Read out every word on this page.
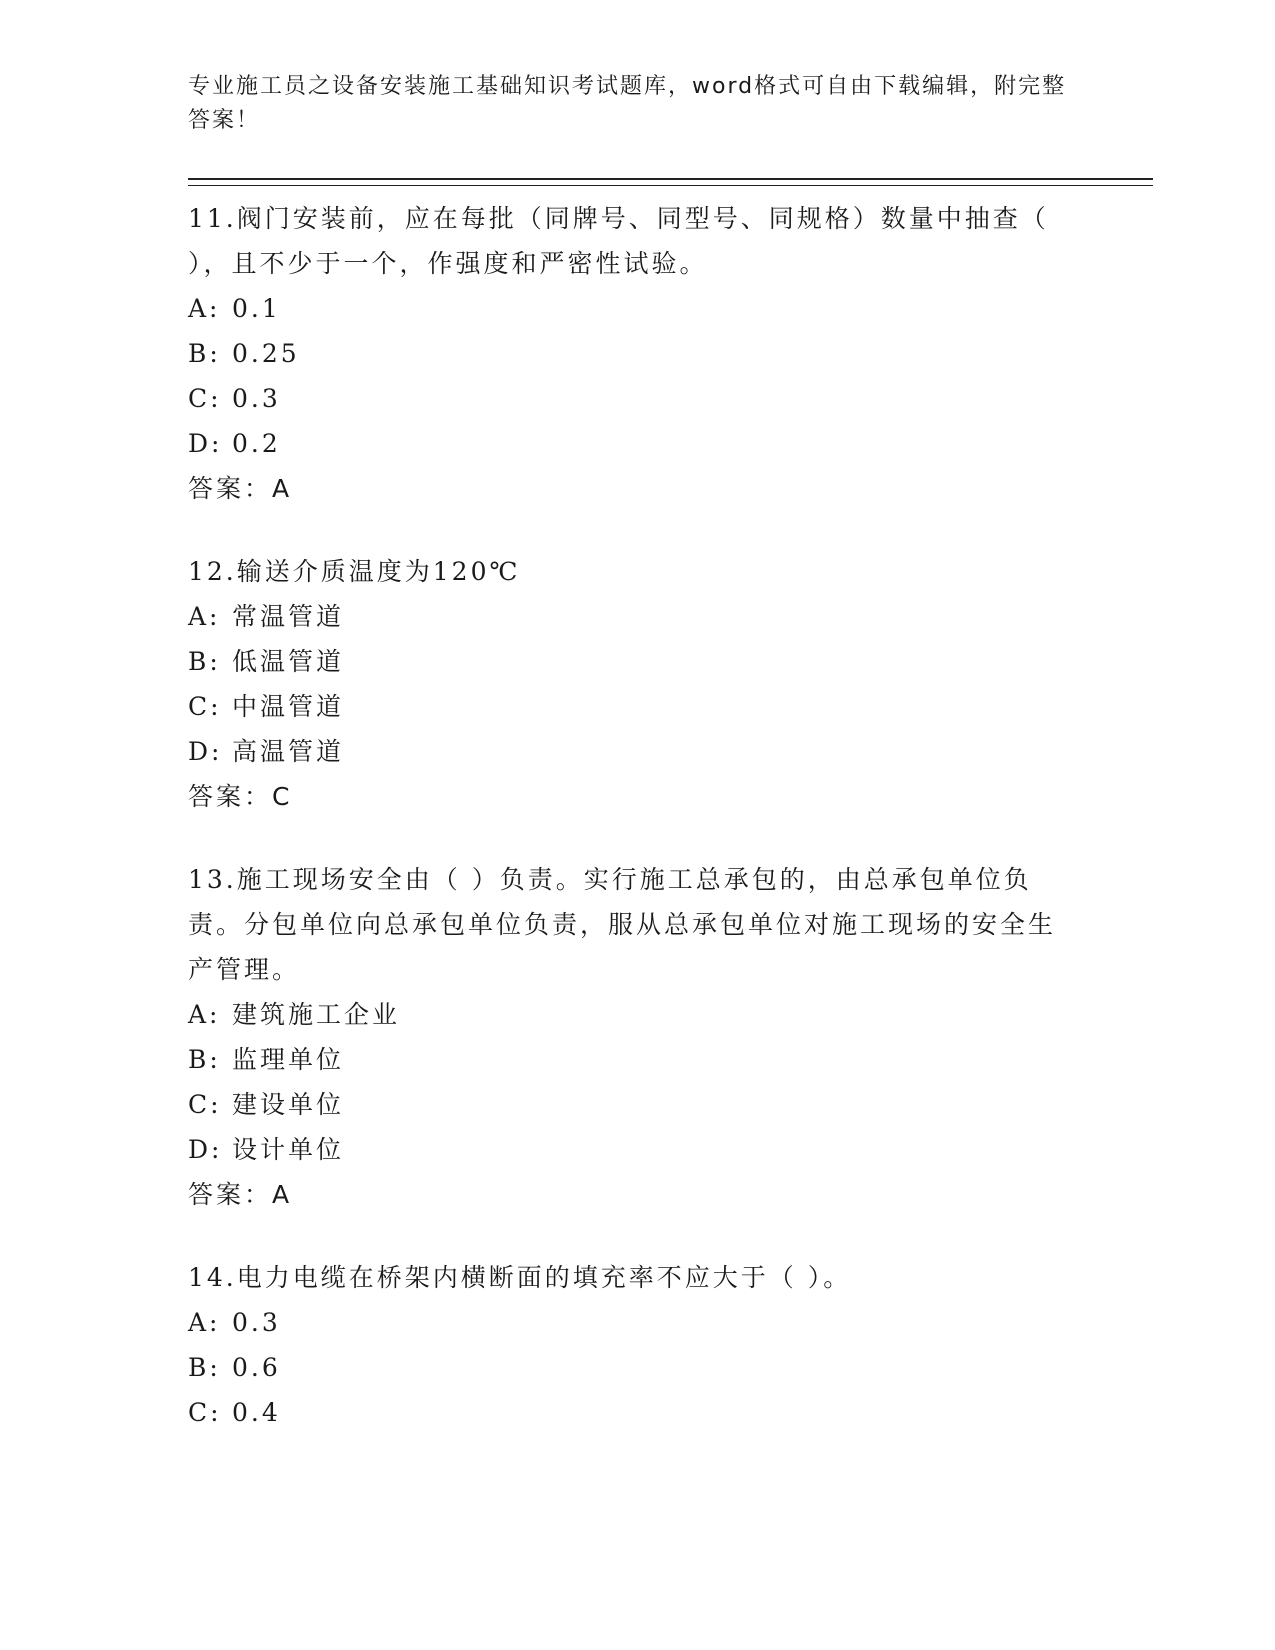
专业施工员之设备安装施工基础知识考试题库，word格式可自由下载编辑，附完整答案！

11.阀门安装前，应在每批（同牌号、同型号、同规格）数量中抽查（ ），且不少于一个，作强度和严密性试验。

A: 0.1

B: 0.25

C: 0.3

D: 0.2

答案：A

12.输送介质温度为120℃

A: 常温管道

B: 低温管道

C: 中温管道

D: 高温管道

答案：C

13.施工现场安全由（ ）负责。实行施工总承包的，由总承包单位负责。分包单位向总承包单位负责，服从总承包单位对施工现场的安全生产管理。

A: 建筑施工企业

B: 监理单位

C: 建设单位

D: 设计单位

答案：A

14.电力电缆在桥架内横断面的填充率不应大于（ ）。

A: 0.3

B: 0.6

C: 0.4
